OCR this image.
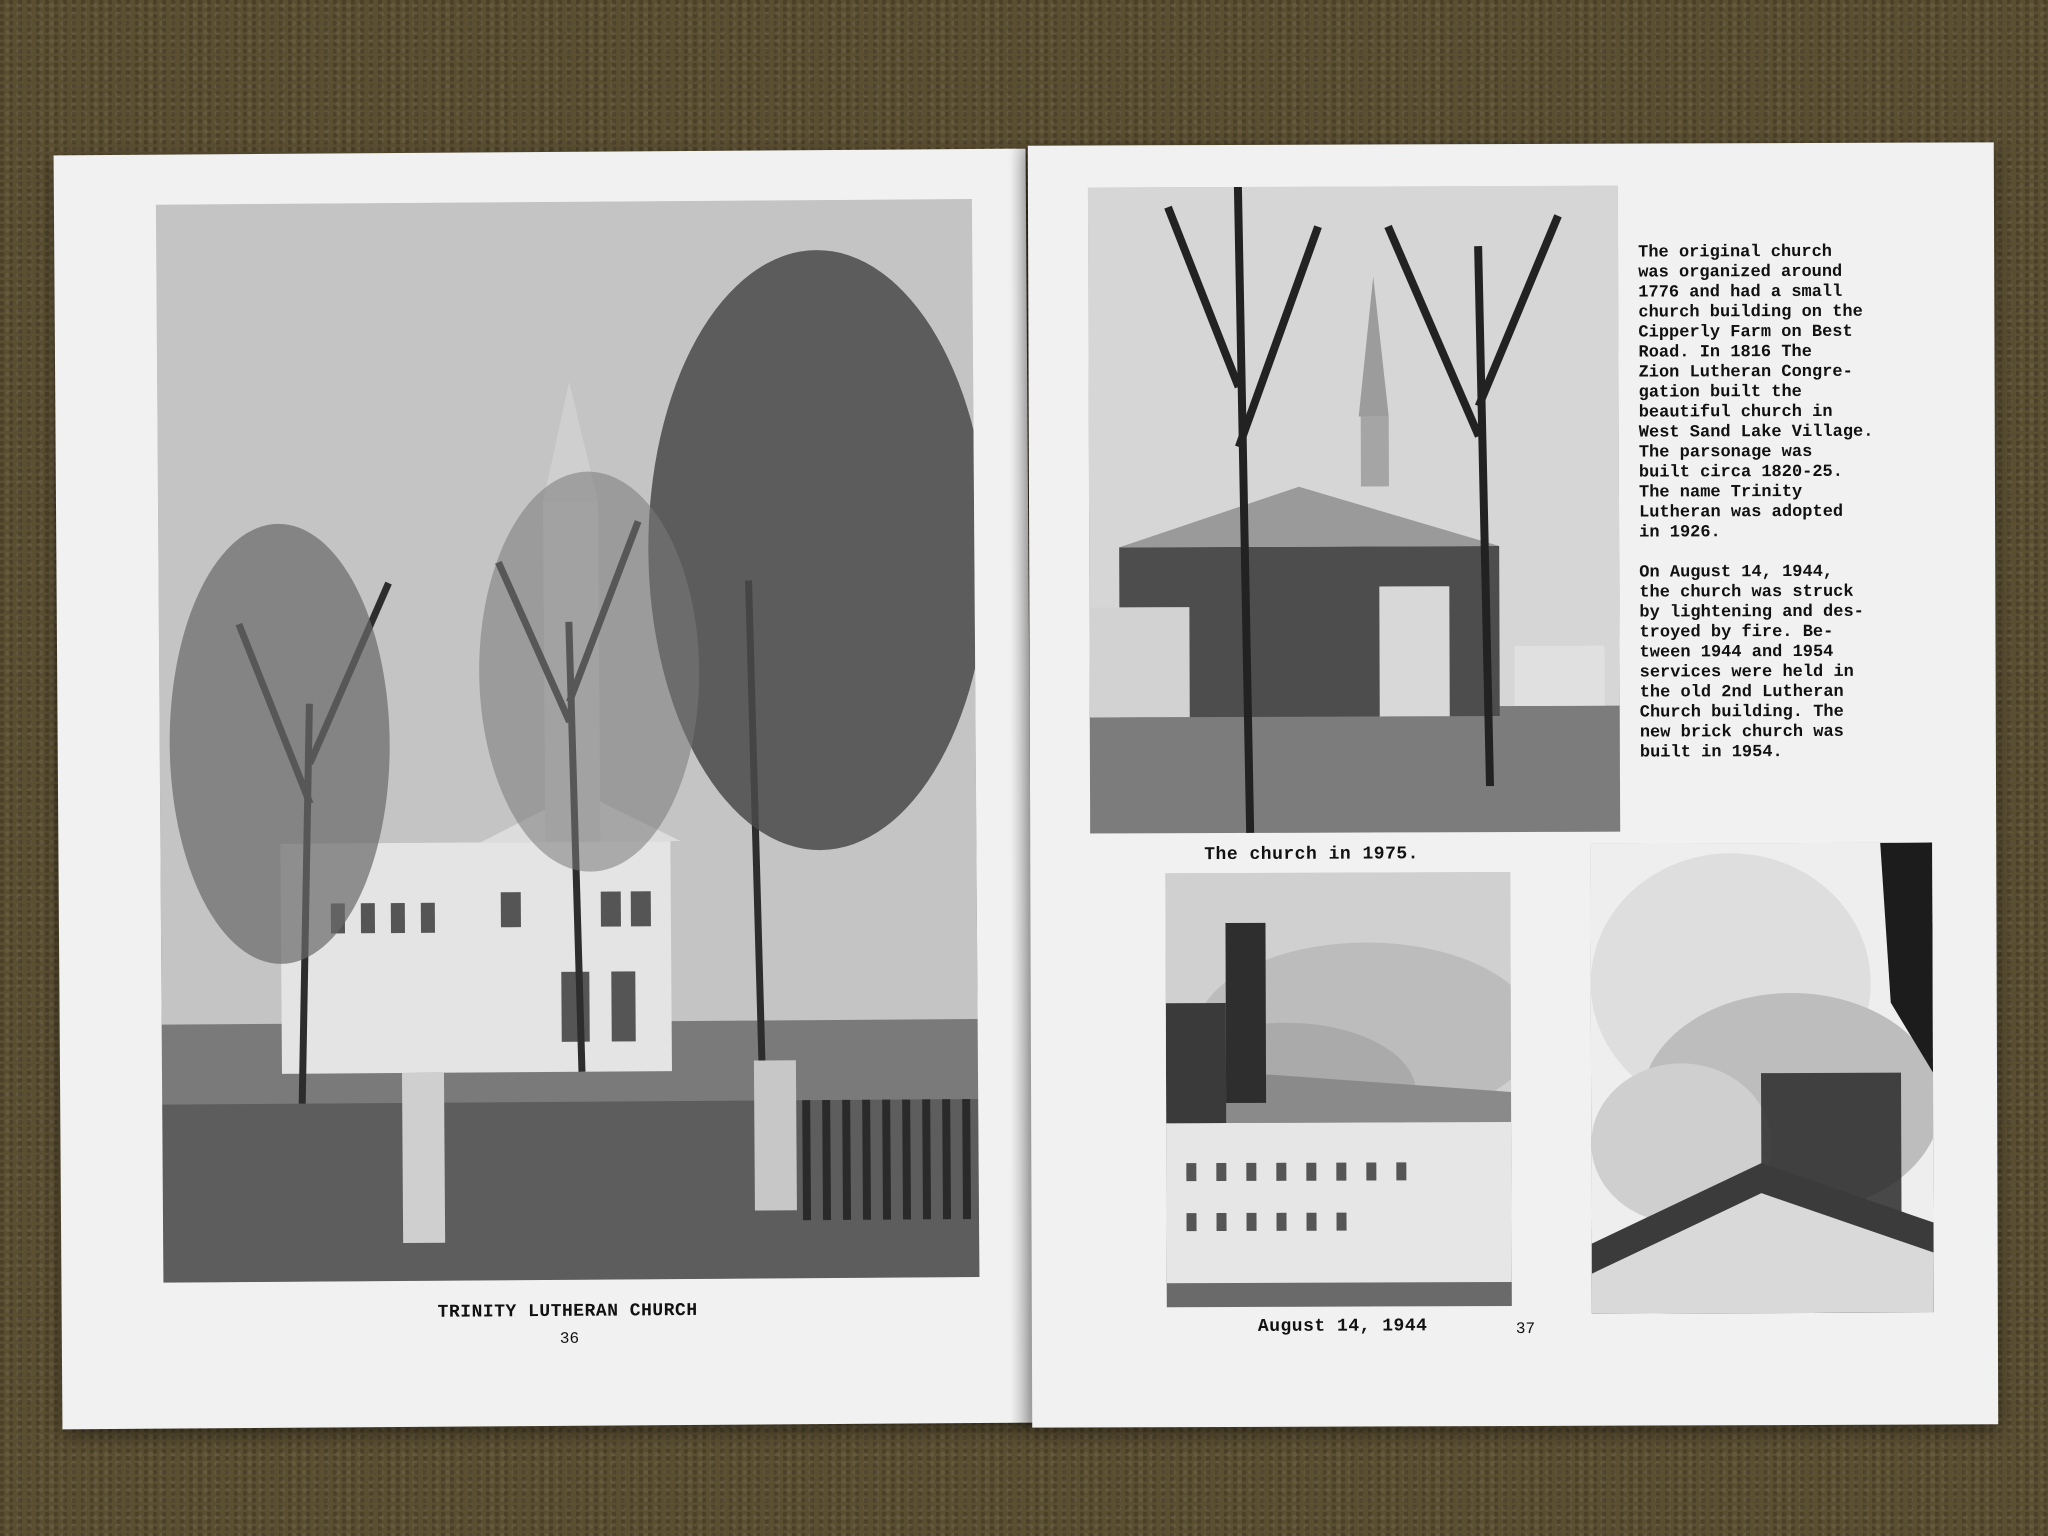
TRINITY LUTHERAN CHURCH
36
The church in 1975.

The original church
was organized around
1776 and had a small
church building on the
Cipperly Farm on Best
Road. In 1816 The
Zion Lutheran Congre-
gation built the
beautiful church in
West Sand Lake Village.
The parsonage was
built circa 1820-25.
The name Trinity
Lutheran was adopted
in 1926.

On August 14, 1944,
the church was struck
by lightening and des-
troyed by fire. Be-
tween 1944 and 1954
services were held in
the old 2nd Lutheran
Church building. The
new brick church was
built in 1954.

August 14, 1944	37
